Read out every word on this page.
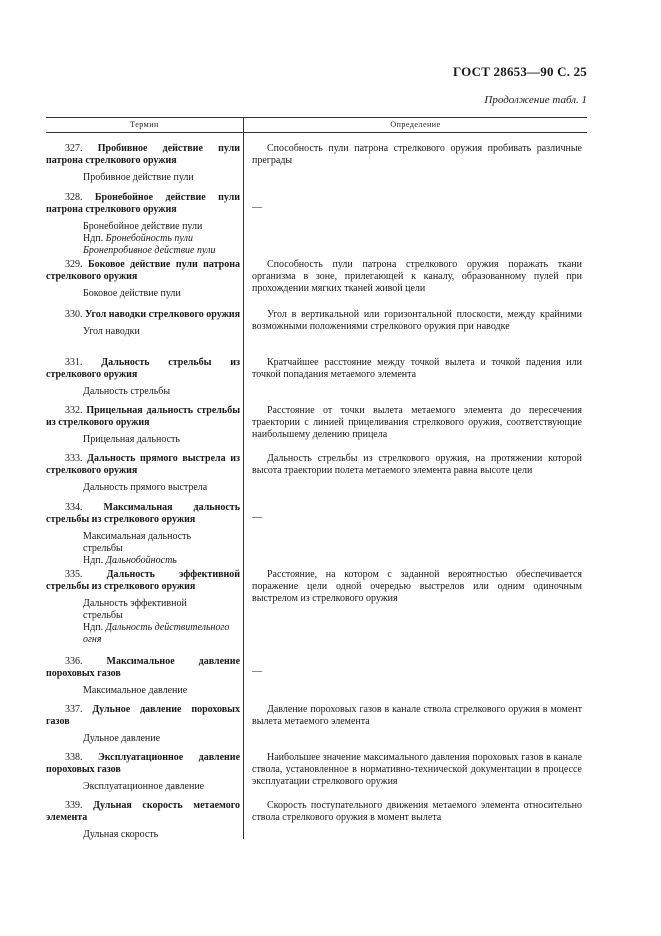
ГОСТ 28653—90 С. 25
Продолжение табл. 1
Термин	Определение
327. Пробивное действие пули патрона стрелкового оружия
Пробивное действие пули
Способность пули патрона стрелкового оружия пробивать различные преграды
328. Бронебойное действие пули патрона стрелкового оружия
Бронебойное действие пули
Ндп. Бронебойность пули
Бронепробивное действие пули
—
329. Боковое действие пули патрона стрелкового оружия
Боковое действие пули
Способность пули патрона стрелкового оружия поражать ткани организма в зоне, прилегающей к каналу, образованному пулей при прохождении мягких тканей живой цели
330. Угол наводки стрелкового оружия
Угол наводки
Угол в вертикальной или горизонтальной плоскости, между крайними возможными положениями стрелкового оружия при наводке
331. Дальность стрельбы из стрелкового оружия
Дальность стрельбы
Кратчайшее расстояние между точкой вылета и точкой падения или точкой попадания метаемого элемента
332. Прицельная дальность стрельбы из стрелкового оружия
Прицельная дальность
Расстояние от точки вылета метаемого элемента до пересечения траектории с линией прицеливания стрелкового оружия, соответствующие наибольшему делению прицела
333. Дальность прямого выстрела из стрелкового оружия
Дальность прямого выстрела
Дальность стрельбы из стрелкового оружия, на протяжении которой высота траектории полета метаемого элемента равна высоте цели
334. Максимальная дальность стрельбы из стрелкового оружия
Максимальная дальность
стрельбы
Ндп. Дальнобойность
—
335. Дальность эффективной стрельбы из стрелкового оружия
Дальность эффективной
стрельбы
Ндп. Дальность действительного
огня
Расстояние, на котором с заданной вероятностью обеспечивается поражение цели одной очередью выстрелов или одним одиночным выстрелом из стрелкового оружия
336. Максимальное давление пороховых газов
Максимальное давление
—
337. Дульное давление пороховых газов
Дульное давление
Давление пороховых газов в канале ствола стрелкового оружия в момент вылета метаемого элемента
338. Эксплуатационное давление пороховых газов
Эксплуатационное давление
Наибольшее значение максимального давления пороховых газов в канале ствола, установленное в нормативно-технической документации в процессе эксплуатации стрелкового оружия
339. Дульная скорость метаемого элемента
Дульная скорость
Скорость поступательного движения метаемого элемента относительно ствола стрелкового оружия в момент вылета
